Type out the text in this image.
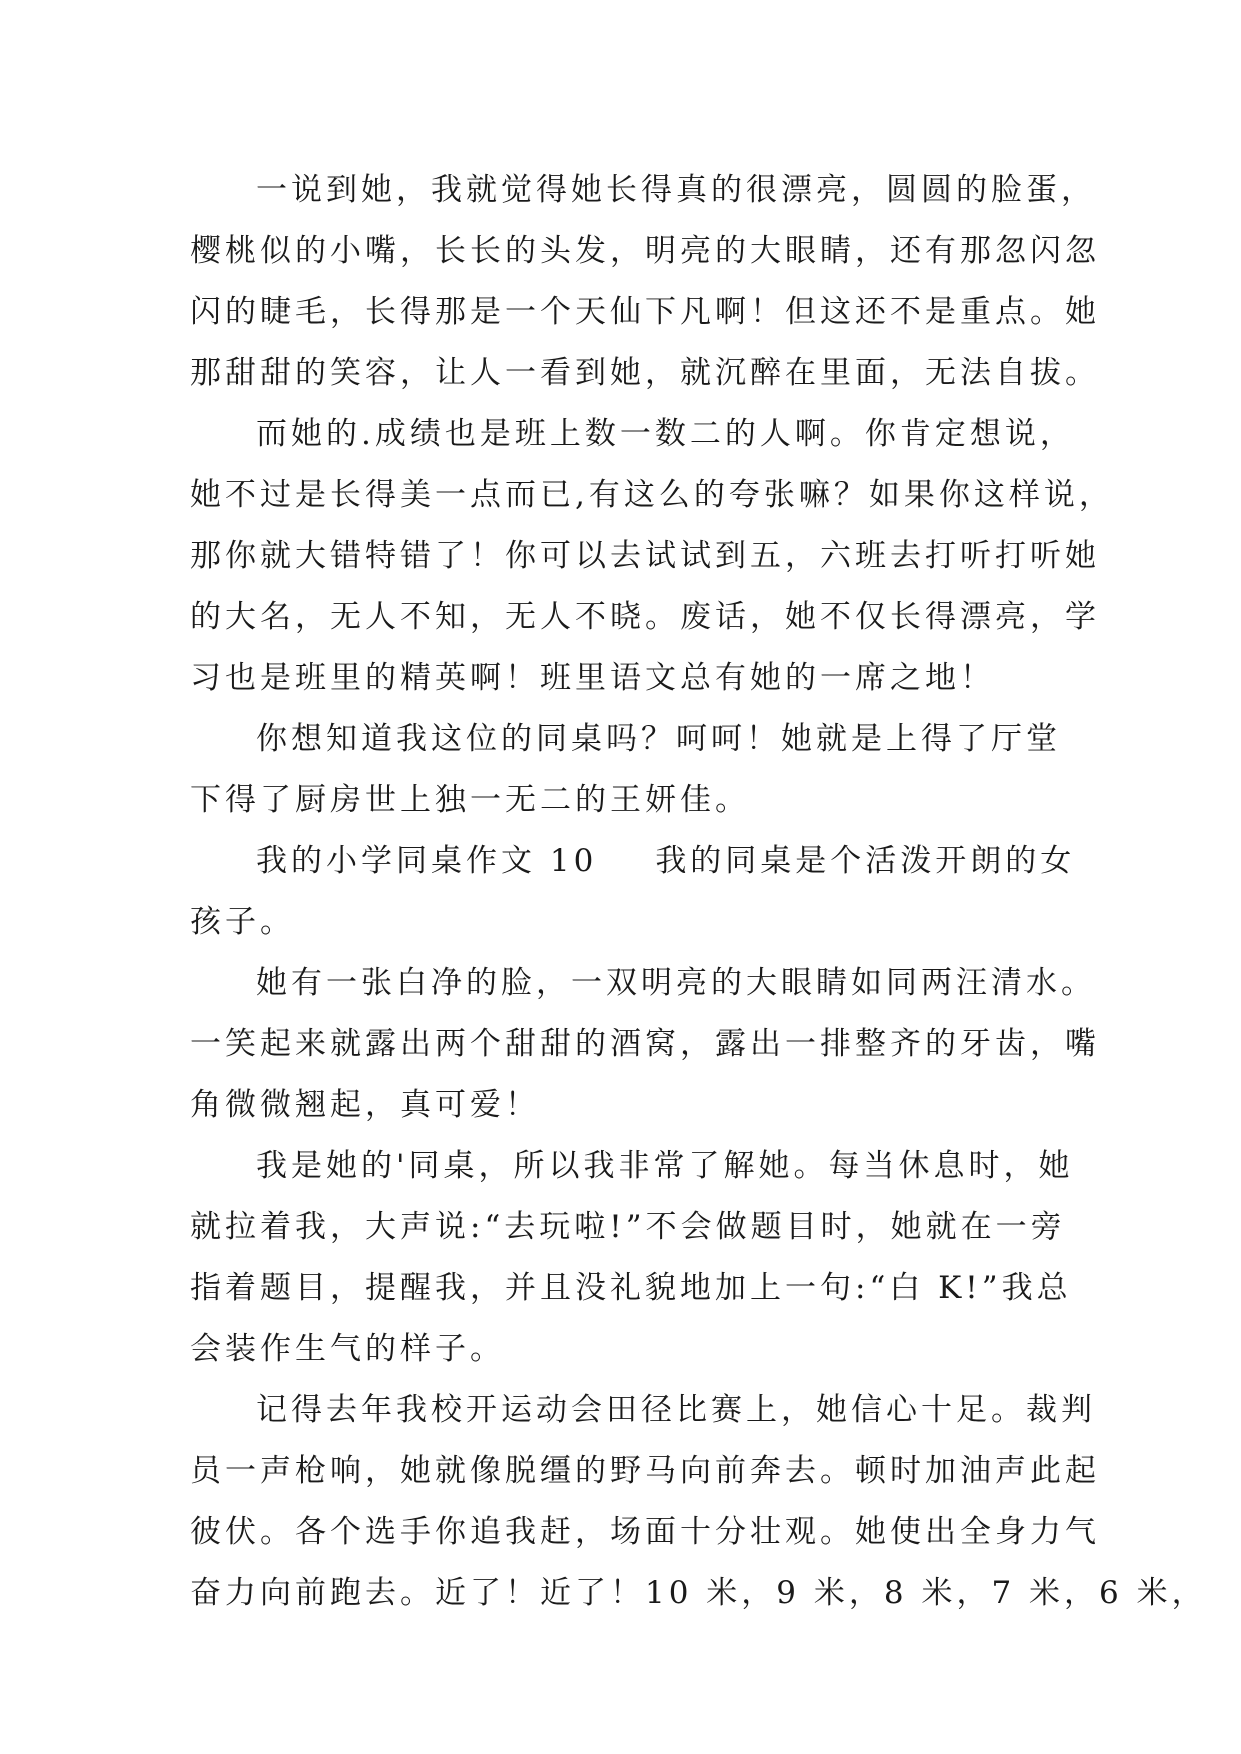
一说到她，我就觉得她长得真的很漂亮，圆圆的脸蛋，
樱桃似的小嘴，长长的头发，明亮的大眼睛，还有那忽闪忽
闪的睫毛，长得那是一个天仙下凡啊！但这还不是重点。她
那甜甜的笑容，让人一看到她，就沉醉在里面，无法自拔。
而她的.成绩也是班上数一数二的人啊。你肯定想说，
她不过是长得美一点而已,有这么的夸张嘛？如果你这样说，
那你就大错特错了！你可以去试试到五，六班去打听打听她
的大名，无人不知，无人不晓。废话，她不仅长得漂亮，学
习也是班里的精英啊！班里语文总有她的一席之地！
你想知道我这位的同桌吗？呵呵！她就是上得了厅堂
下得了厨房世上独一无二的王妍佳。
我的小学同桌作文 10 我的同桌是个活泼开朗的女
孩子。
她有一张白净的脸，一双明亮的大眼睛如同两汪清水。
一笑起来就露出两个甜甜的酒窝，露出一排整齐的牙齿，嘴
角微微翘起，真可爱！
我是她的'同桌，所以我非常了解她。每当休息时，她
就拉着我，大声说:“去玩啦!”不会做题目时，她就在一旁
指着题目，提醒我，并且没礼貌地加上一句:“白 K!”我总
会装作生气的样子。
记得去年我校开运动会田径比赛上，她信心十足。裁判
员一声枪响，她就像脱缰的野马向前奔去。顿时加油声此起
彼伏。各个选手你追我赶，场面十分壮观。她使出全身力气
奋力向前跑去。近了！近了！10 米，9 米，8 米，7 米，6 米，
